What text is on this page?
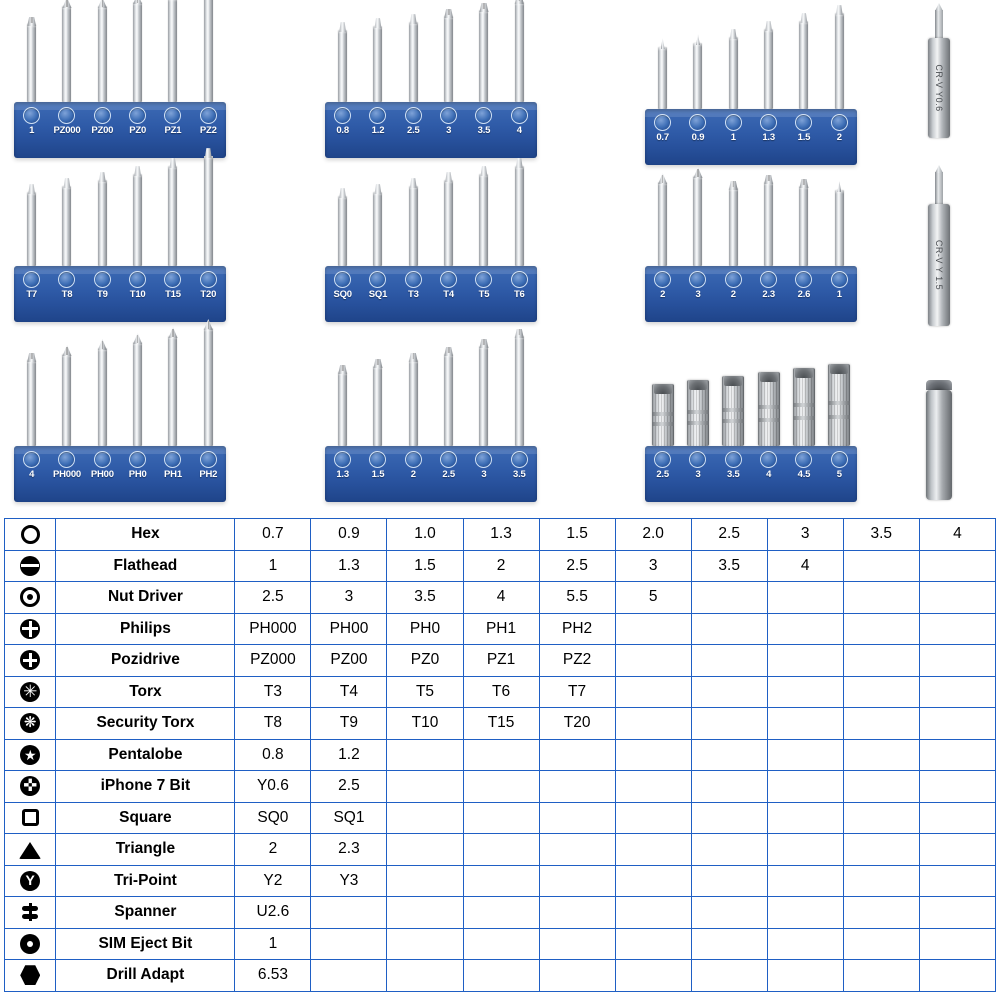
1	PZ000	PZ00	PZ0	PZ1	PZ2	0.8	1.2	2.5	3	3.5	4
0.7	0.9	1	1.3	1.5	2
CR-V Y0.6
T7	T8	T9	T10	T15	T20	SQ0	SQ1	T3	T4	T5	T6	2	3	2	2.3	2.6	1
CR-V Y 1.5
4	PH000	PH00	PH0	PH1	PH2	1.3	1.5	2	2.5	3	3.5	2.5	3	3.5	4	4.5	5
	Hex	0.7	0.9	1.0	1.3	1.5	2.0	2.5	3	3.5	4
	Flathead	1	1.3	1.5	2	2.5	3	3.5	4		
	Nut Driver	2.5	3	3.5	4	5.5	5				
	Philips	PH000	PH00	PH0	PH1	PH2					
	Pozidrive	PZ000	PZ00	PZ0	PZ1	PZ2					
✳	Torx	T3	T4	T5	T6	T7					
❋	Security Torx	T8	T9	T10	T15	T20					
★	Pentalobe	0.8	1.2								
✜	iPhone 7 Bit	Y0.6	2.5								
	Square	SQ0	SQ1								
	Triangle	2	2.3								
Y	Tri-Point	Y2	Y3								
	Spanner	U2.6									
	SIM Eject Bit	1									
	Drill Adapt	6.53									
